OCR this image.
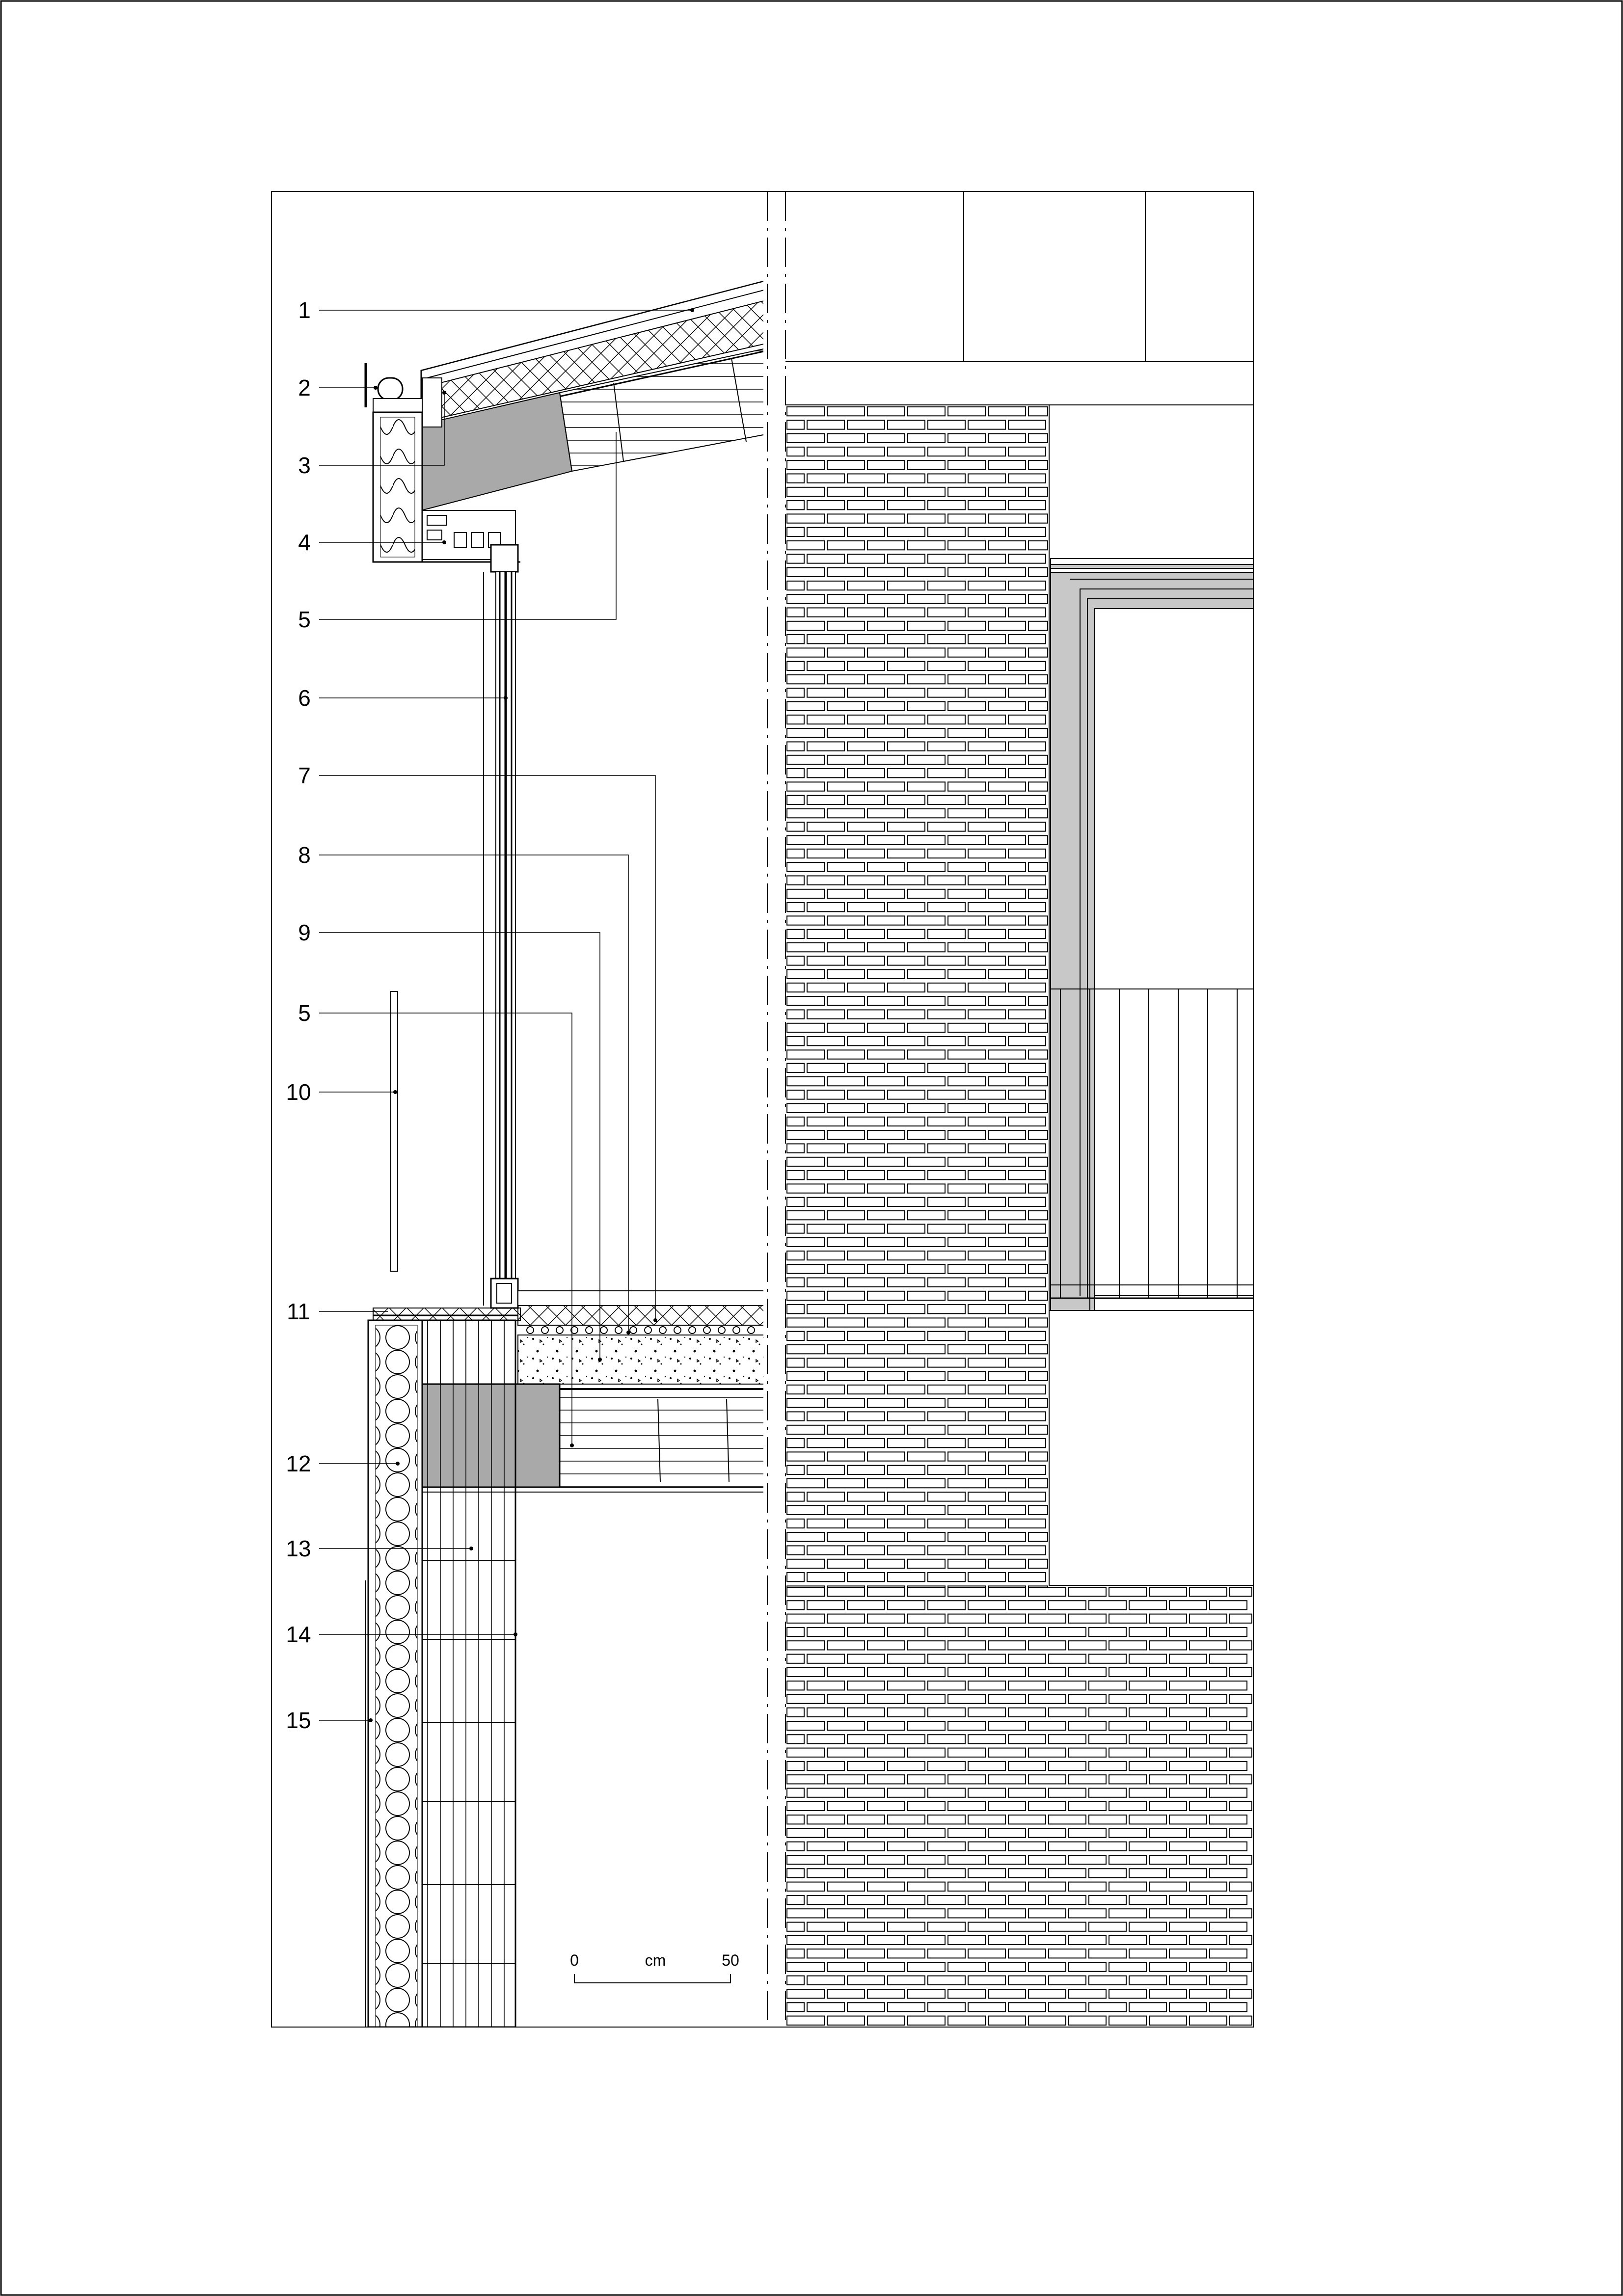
1
2
3
4
5
6
7
8
9
5
10
11
12
13
14
15
0	cm	50
